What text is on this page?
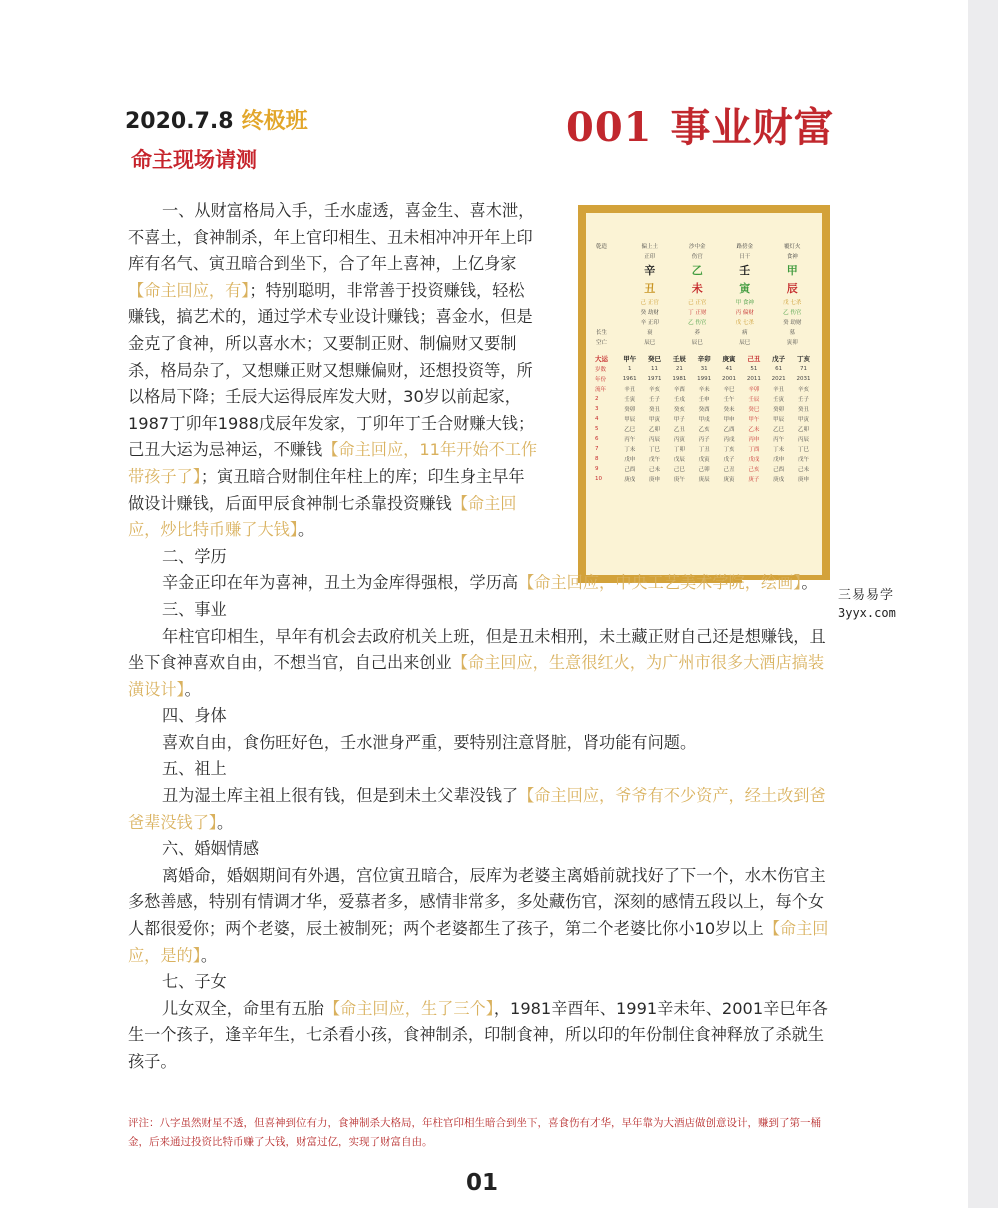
2020.7.8 终极班
命主现场请测
001 事业财富
乾造	偏上土	沙中金	路傍金	覆灯火
	正印	伤官	日干	食神
	辛	乙	壬	甲
	丑	未	寅	辰
	己 正官	己 正官	甲 食神	戊 七杀
	癸 劫财	丁 正财	丙 偏财	乙 伤官
	辛 正印	乙 伤官	戊 七杀	癸 劫财
长生	衰	养	病	墓
空亡	辰巳	辰巳	辰巳	寅卯
大运	甲午	癸巳	壬辰	辛卯	庚寅	己丑	戊子	丁亥
岁数	1	11	21	31	41	51	61	71
年份	1961	1971	1981	1991	2001	2011	2021	2031
流年	辛丑	辛亥	辛酉	辛未	辛巳	辛卯	辛丑	辛亥
2	壬寅	壬子	壬戌	壬申	壬午	壬辰	壬寅	壬子
3	癸卯	癸丑	癸亥	癸酉	癸未	癸巳	癸卯	癸丑
4	甲辰	甲寅	甲子	甲戌	甲申	甲午	甲辰	甲寅
5	乙巳	乙卯	乙丑	乙亥	乙酉	乙未	乙巳	乙卯
6	丙午	丙辰	丙寅	丙子	丙戌	丙申	丙午	丙辰
7	丁未	丁巳	丁卯	丁丑	丁亥	丁酉	丁未	丁巳
8	戊申	戊午	戊辰	戊寅	戊子	戊戌	戊申	戊午
9	己酉	己未	己巳	己卯	己丑	己亥	己酉	己未
10	庚戌	庚申	庚午	庚辰	庚寅	庚子	庚戌	庚申
三易易学
3yyx.com

一、从财富格局入手，壬水虚透，喜金生、喜木泄，不喜土，食神制杀，年上官印相生、丑未相冲冲开年上印库有名气、寅丑暗合到坐下，合了年上喜神，上亿身家【命主回应，有】；特别聪明，非常善于投资赚钱，轻松赚钱，搞艺术的，通过学术专业设计赚钱；喜金水，但是金克了食神，所以喜水木；又要制正财、制偏财又要制杀，格局杂了，又想赚正财又想赚偏财，还想投资等，所以格局下降；壬辰大运得辰库发大财，30岁以前起家，1987丁卯年1988戊辰年发家，丁卯年丁壬合财赚大钱；己丑大运为忌神运，不赚钱【命主回应，11年开始不工作带孩子了】；寅丑暗合财制住年柱上的库；印生身主早年做设计赚钱，后面甲辰食神制七杀靠投资赚钱【命主回应，炒比特币赚了大钱】。

二、学历

辛金正印在年为喜神，丑土为金库得强根，学历高【命主回应，中央工艺美术学院，绘画】。

三、事业

年柱官印相生，早年有机会去政府机关上班，但是丑未相刑，未土藏正财自己还是想赚钱，且坐下食神喜欢自由，不想当官，自己出来创业【命主回应，生意很红火，为广州市很多大酒店搞装潢设计】。

四、身体

喜欢自由，食伤旺好色，壬水泄身严重，要特别注意肾脏，肾功能有问题。

五、祖上

丑为湿土库主祖上很有钱，但是到未土父辈没钱了【命主回应，爷爷有不少资产，经土改到爸爸辈没钱了】。

六、婚姻情感

离婚命，婚姻期间有外遇，宫位寅丑暗合，辰库为老婆主离婚前就找好了下一个，水木伤官主多愁善感，特别有情调才华，爱慕者多，感情非常多，多处藏伤官，深刻的感情五段以上，每个女人都很爱你；两个老婆，辰土被制死；两个老婆都生了孩子，第二个老婆比你小10岁以上【命主回应，是的】。

七、子女

儿女双全，命里有五胎【命主回应，生了三个】，1981辛酉年、1991辛未年、2001辛巳年各生一个孩子，逢辛年生，七杀看小孩，食神制杀，印制食神，所以印的年份制住食神释放了杀就生孩子。

评注：八字虽然财星不透，但喜神到位有力，食神制杀大格局，年柱官印相生暗合到坐下，喜食伤有才华，早年靠为大酒店做创意设计，赚到了第一桶金，后来通过投资比特币赚了大钱，财富过亿，实现了财富自由。
01
